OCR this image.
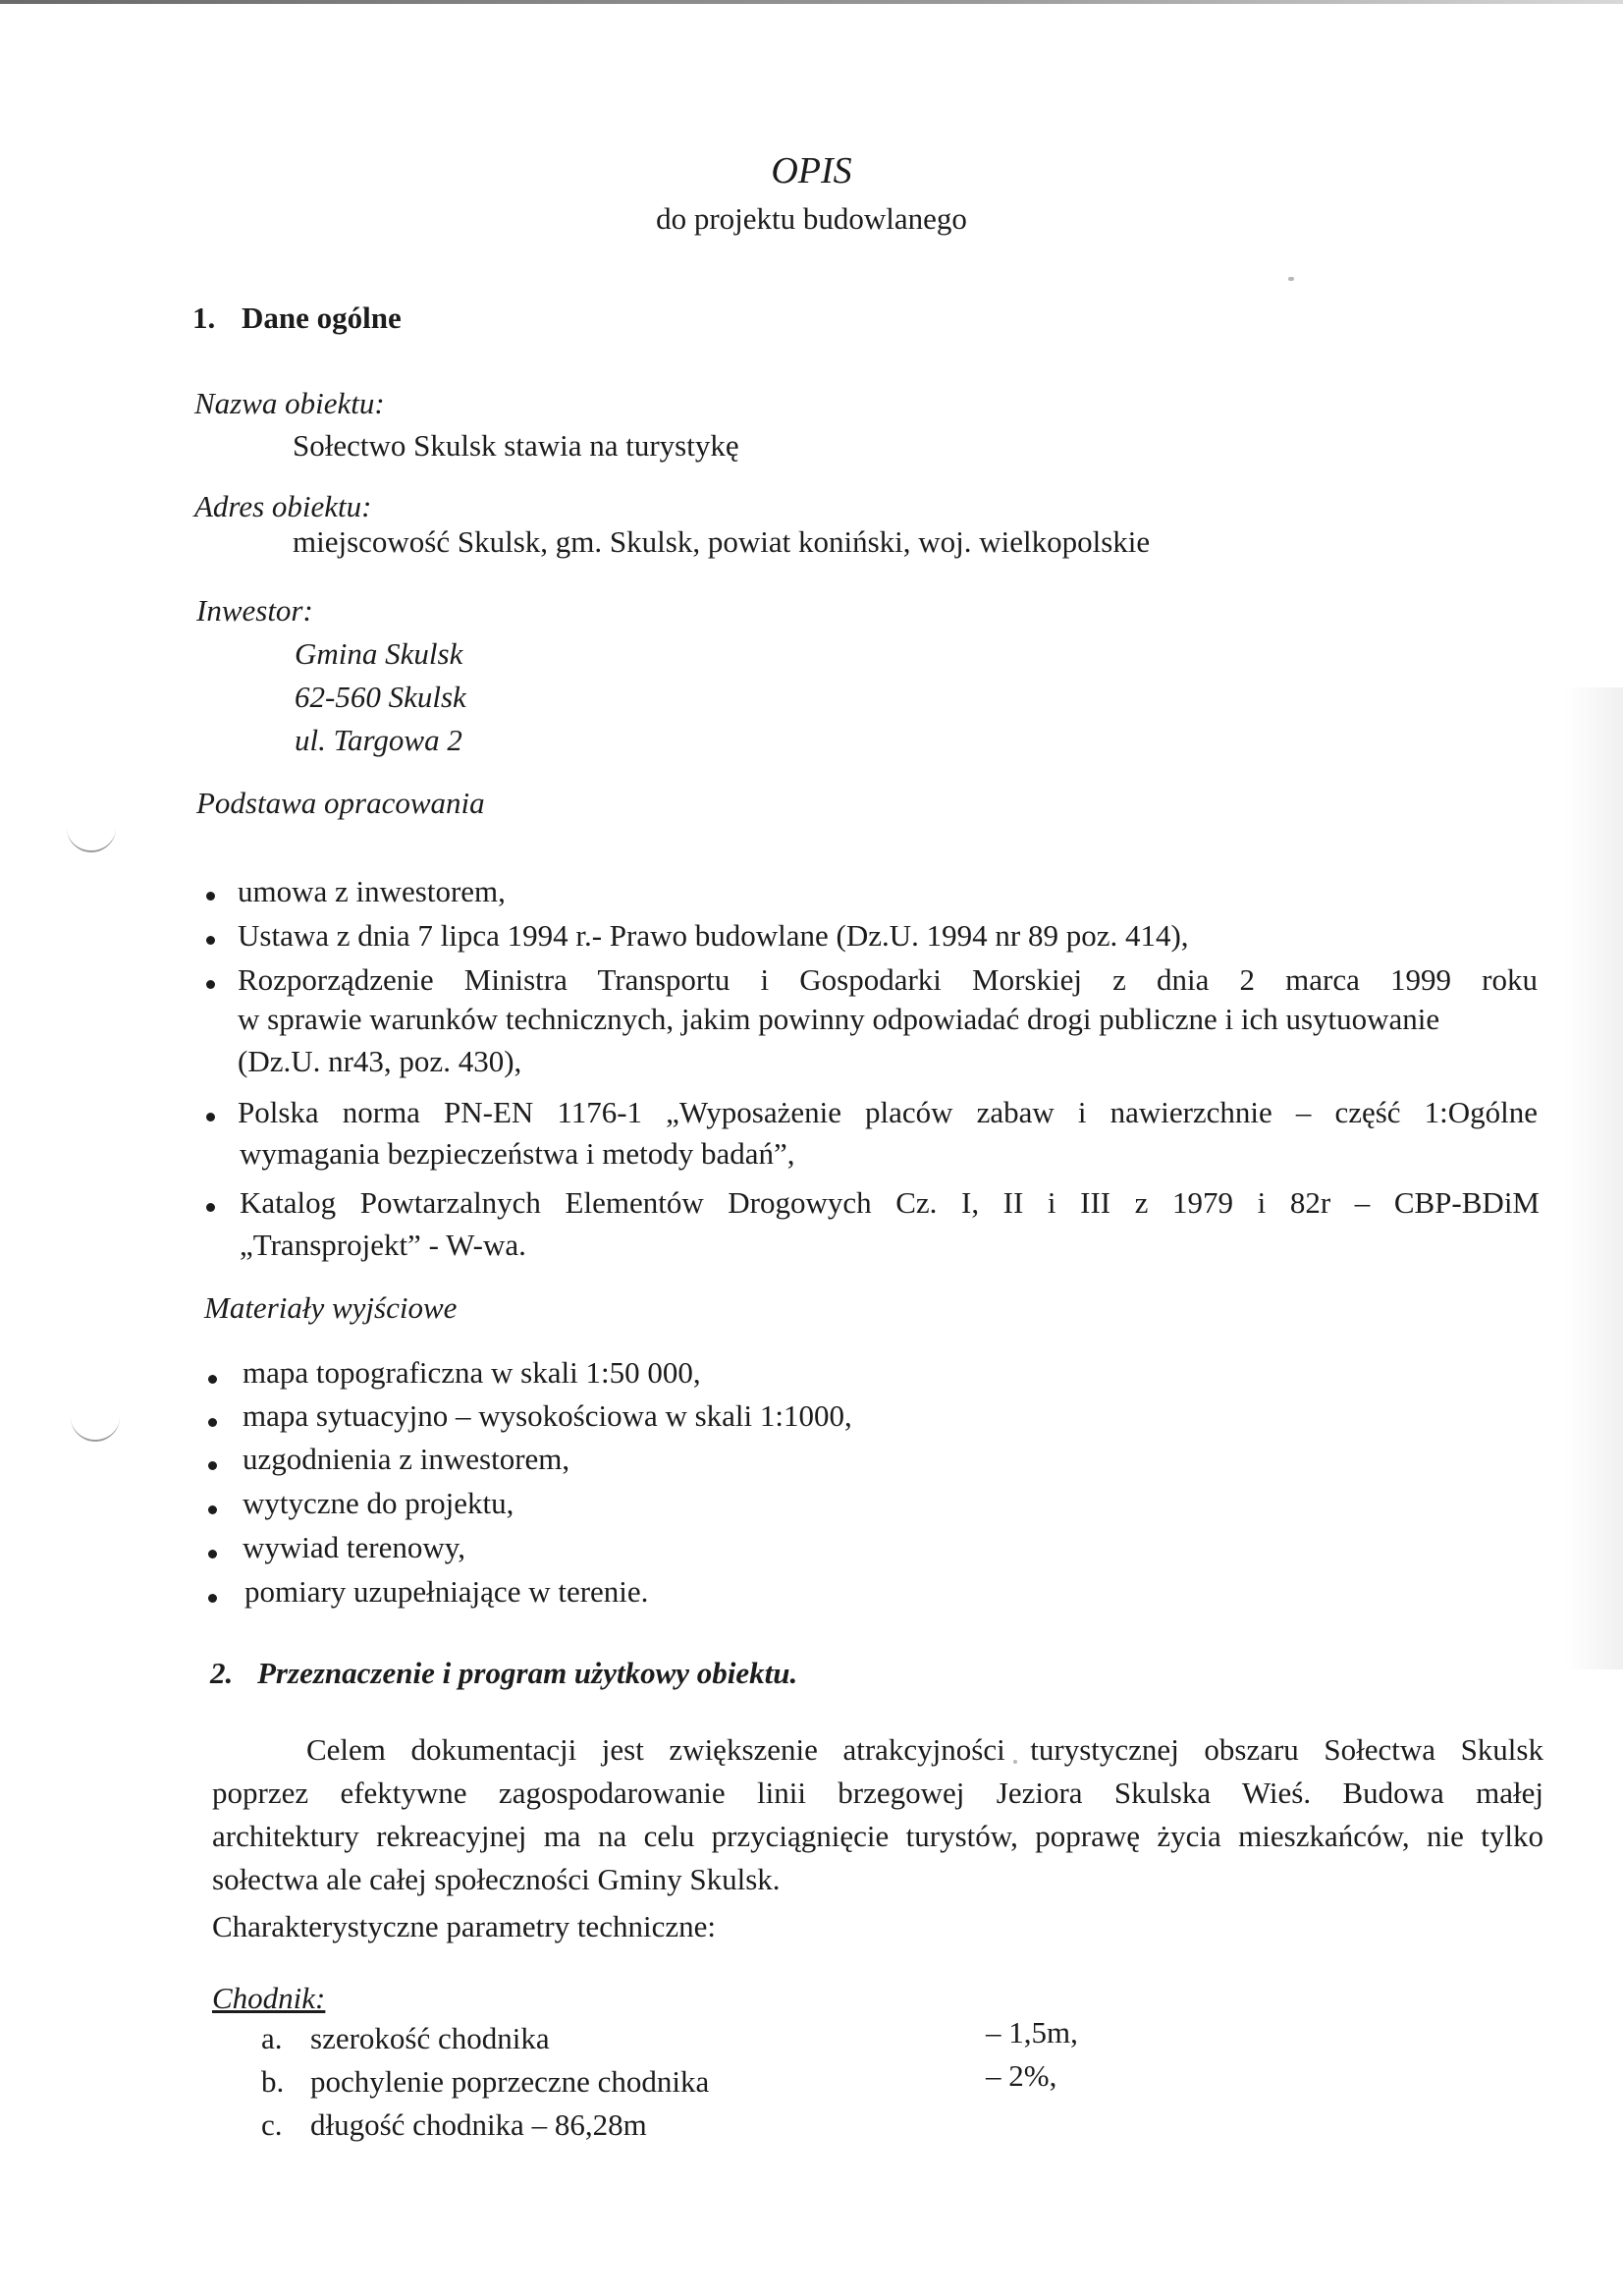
OPIS
do projektu budowlanego
1. Dane ogólne
Nazwa obiektu:
Sołectwo Skulsk stawia na turystykę
Adres obiektu:
miejscowość Skulsk, gm. Skulsk, powiat koniński, woj. wielkopolskie
Inwestor:
Gmina Skulsk
62-560 Skulsk
ul. Targowa 2
Podstawa opracowania
umowa z inwestorem,
Ustawa z dnia 7 lipca 1994 r.- Prawo budowlane (Dz.U. 1994 nr 89 poz. 414),
Rozporządzenie Ministra Transportu i Gospodarki Morskiej z dnia 2 marca 1999 roku
w sprawie warunków technicznych, jakim powinny odpowiadać drogi publiczne i ich usytuowanie
(Dz.U. nr43, poz. 430),
Polska norma PN-EN 1176-1 „Wyposażenie placów zabaw i nawierzchnie – część 1:Ogólne
wymagania bezpieczeństwa i metody badań”,
Katalog Powtarzalnych Elementów Drogowych Cz. I, II i III z 1979 i 82r – CBP-BDiM
„Transprojekt” - W-wa.
Materiały wyjściowe
mapa topograficzna w skali 1:50 000,
mapa sytuacyjno – wysokościowa w skali 1:1000,
uzgodnienia z inwestorem,
wytyczne do projektu,
wywiad terenowy,
pomiary uzupełniające w terenie.
2. Przeznaczenie i program użytkowy obiektu.
Celem dokumentacji jest zwiększenie atrakcyjności turystycznej obszaru Sołectwa Skulsk
poprzez efektywne zagospodarowanie linii brzegowej Jeziora Skulska Wieś. Budowa małej
architektury rekreacyjnej ma na celu przyciągnięcie turystów, poprawę życia mieszkańców, nie tylko
sołectwa ale całej społeczności Gminy Skulsk.
Charakterystyczne parametry techniczne:
Chodnik:
a. szerokość chodnika	– 1,5m,
b. pochylenie poprzeczne chodnika	– 2%,
c. długość chodnika – 86,28m
